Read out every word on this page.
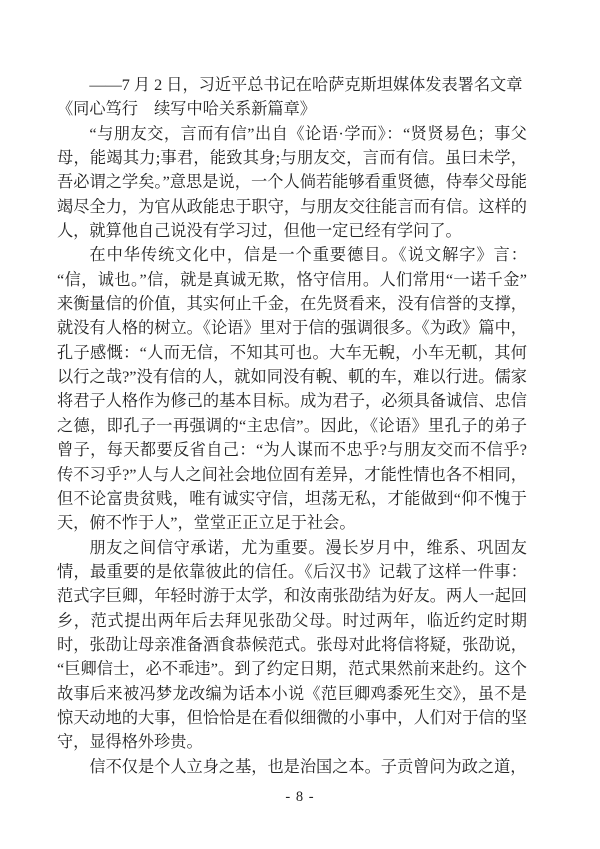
——7 月 2 日，习近平总书记在哈萨克斯坦媒体发表署名文章

《同心笃行　续写中哈关系新篇章》

“与朋友交，言而有信”出自《论语·学而》：“贤贤易色；事父母，能竭其力;事君，能致其身;与朋友交，言而有信。虽曰未学，吾必谓之学矣。”意思是说，一个人倘若能够看重贤德，侍奉父母能竭尽全力，为官从政能忠于职守，与朋友交往能言而有信。这样的人，就算他自己说没有学习过，但他一定已经有学问了。

在中华传统文化中，信是一个重要德目。《说文解字》言：“信，诚也。”信，就是真诚无欺，恪守信用。人们常用“一诺千金”来衡量信的价值，其实何止千金，在先贤看来，没有信誉的支撑，就没有人格的树立。《论语》里对于信的强调很多。《为政》篇中，孔子感慨：“人而无信，不知其可也。大车无輗，小车无軏，其何以行之哉?”没有信的人，就如同没有輗、軏的车，难以行进。儒家将君子人格作为修己的基本目标。成为君子，必须具备诚信、忠信之德，即孔子一再强调的“主忠信”。因此，《论语》里孔子的弟子曾子，每天都要反省自己：“为人谋而不忠乎?与朋友交而不信乎?传不习乎?”人与人之间社会地位固有差异，才能性情也各不相同，但不论富贵贫贱，唯有诚实守信，坦荡无私，才能做到“仰不愧于天，俯不怍于人”，堂堂正正立足于社会。

朋友之间信守承诺，尤为重要。漫长岁月中，维系、巩固友情，最重要的是依靠彼此的信任。《后汉书》记载了这样一件事：范式字巨卿，年轻时游于太学，和汝南张劭结为好友。两人一起回乡，范式提出两年后去拜见张劭父母。时过两年，临近约定时期时，张劭让母亲准备酒食恭候范式。张母对此将信将疑，张劭说，“巨卿信士，必不乖违”。到了约定日期，范式果然前来赴约。这个故事后来被冯梦龙改编为话本小说《范巨卿鸡黍死生交》，虽不是惊天动地的大事，但恰恰是在看似细微的小事中，人们对于信的坚守，显得格外珍贵。

信不仅是个人立身之基，也是治国之本。子贡曾问为政之道，

- 8 -
